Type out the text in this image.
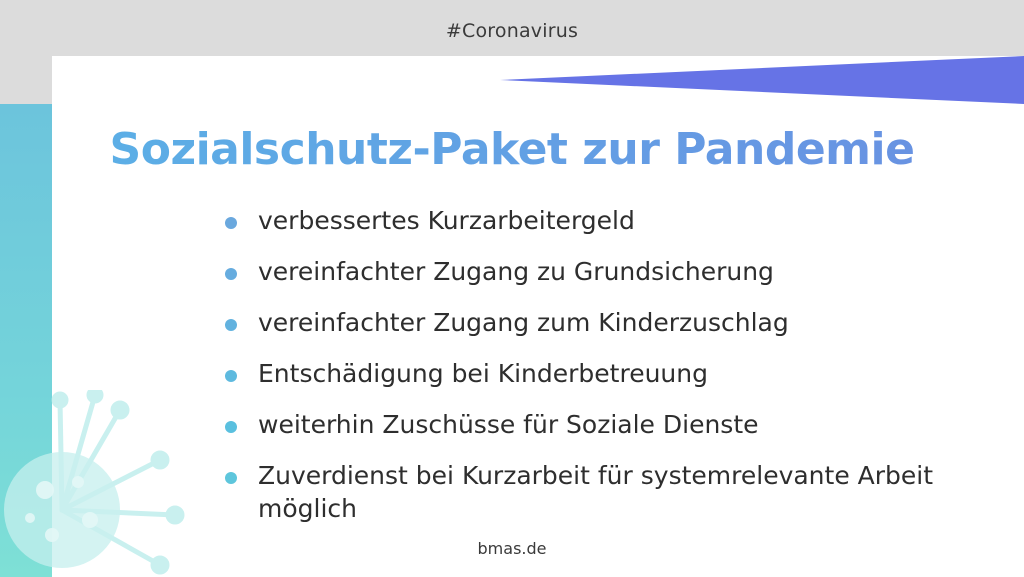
#Coronavirus
Sozialschutz-Paket zur Pandemie
verbessertes Kurzarbeitergeld
vereinfachter Zugang zu Grundsicherung
vereinfachter Zugang zum Kinderzuschlag
Entschädigung bei Kinderbetreuung
weiterhin Zuschüsse für Soziale Dienste
Zuverdienst bei Kurzarbeit für systemrelevante Arbeit möglich
bmas.de
